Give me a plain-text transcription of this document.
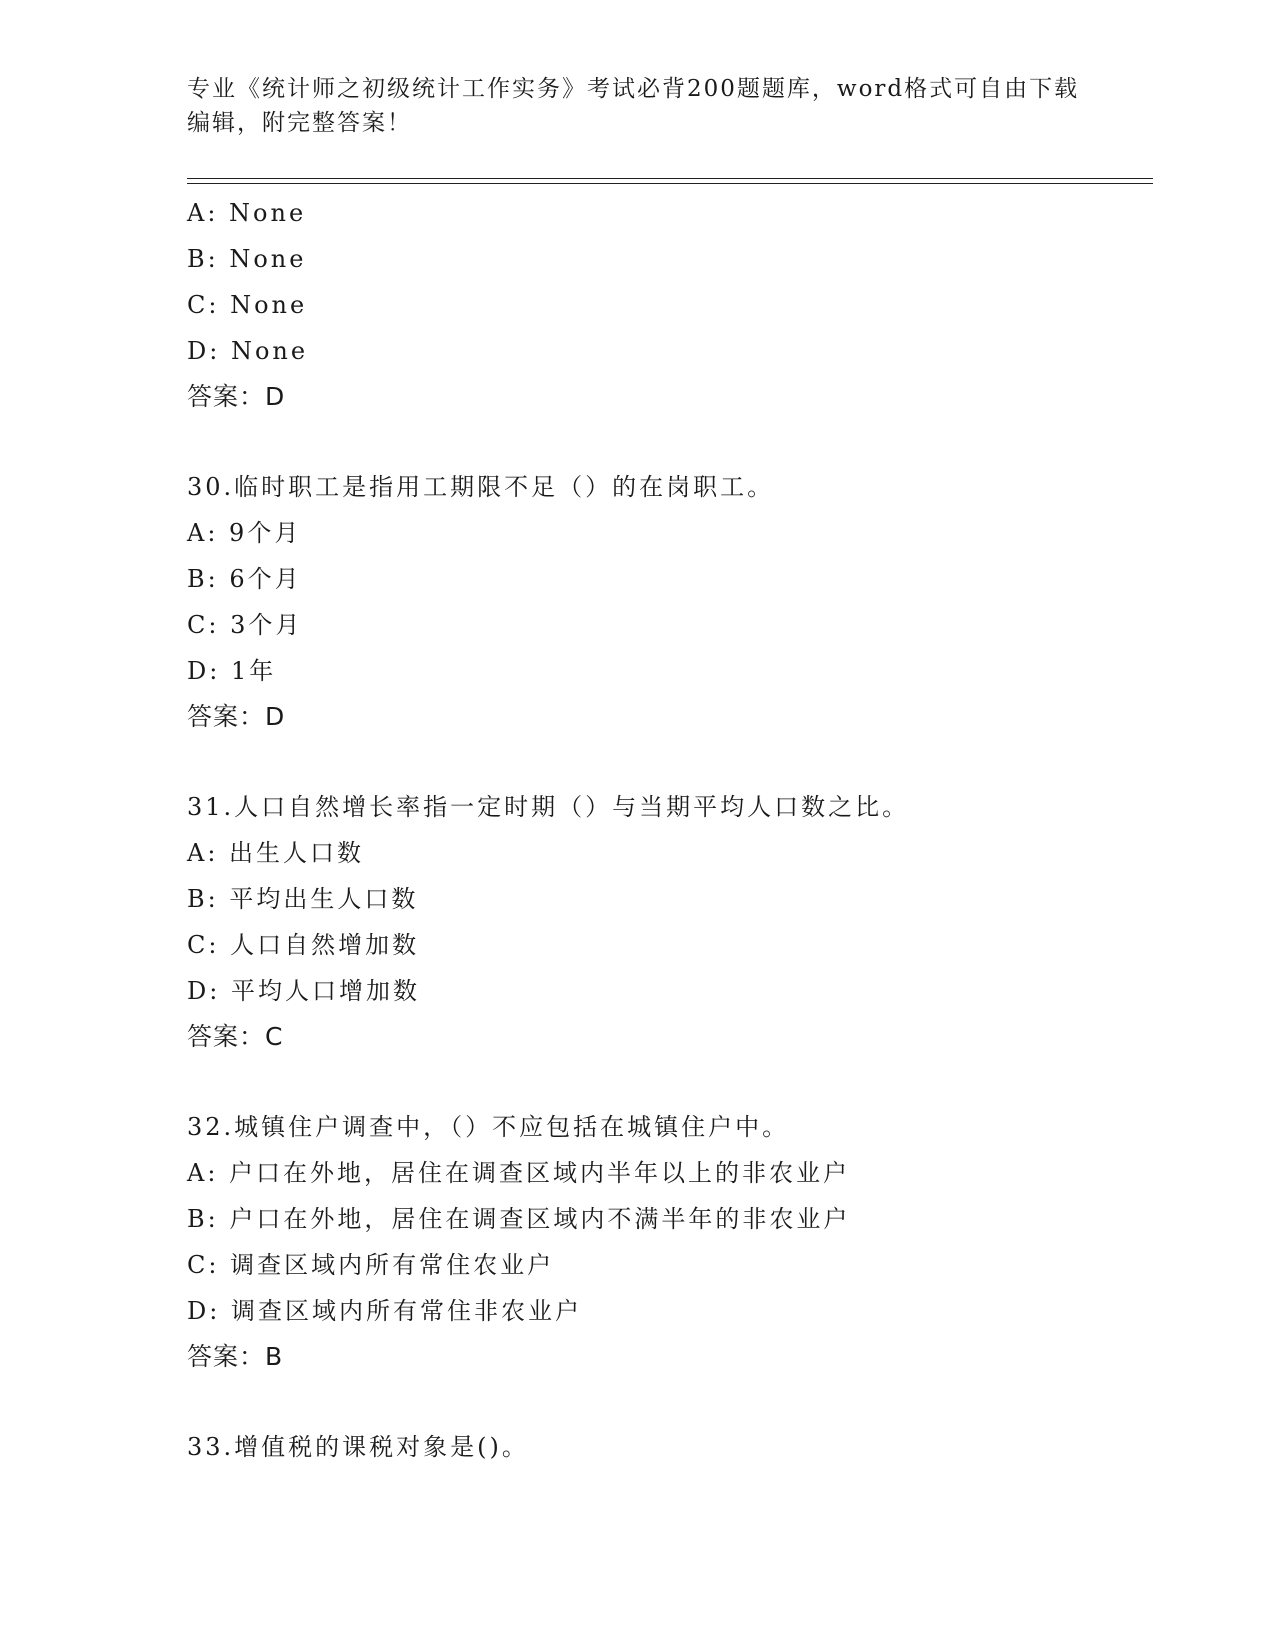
专业《统计师之初级统计工作实务》考试必背200题题库，word格式可自由下载
编辑，附完整答案！
A: None
B: None
C: None
D: None
答案：D
30.临时职工是指用工期限不足（）的在岗职工。
A: 9个月
B: 6个月
C: 3个月
D: 1年
答案：D
31.人口自然增长率指一定时期（）与当期平均人口数之比。
A: 出生人口数
B: 平均出生人口数
C: 人口自然增加数
D: 平均人口增加数
答案：C
32.城镇住户调查中，（）不应包括在城镇住户中。
A: 户口在外地，居住在调查区域内半年以上的非农业户
B: 户口在外地，居住在调查区域内不满半年的非农业户
C: 调查区域内所有常住农业户
D: 调查区域内所有常住非农业户
答案：B
33.增值税的课税对象是()。
